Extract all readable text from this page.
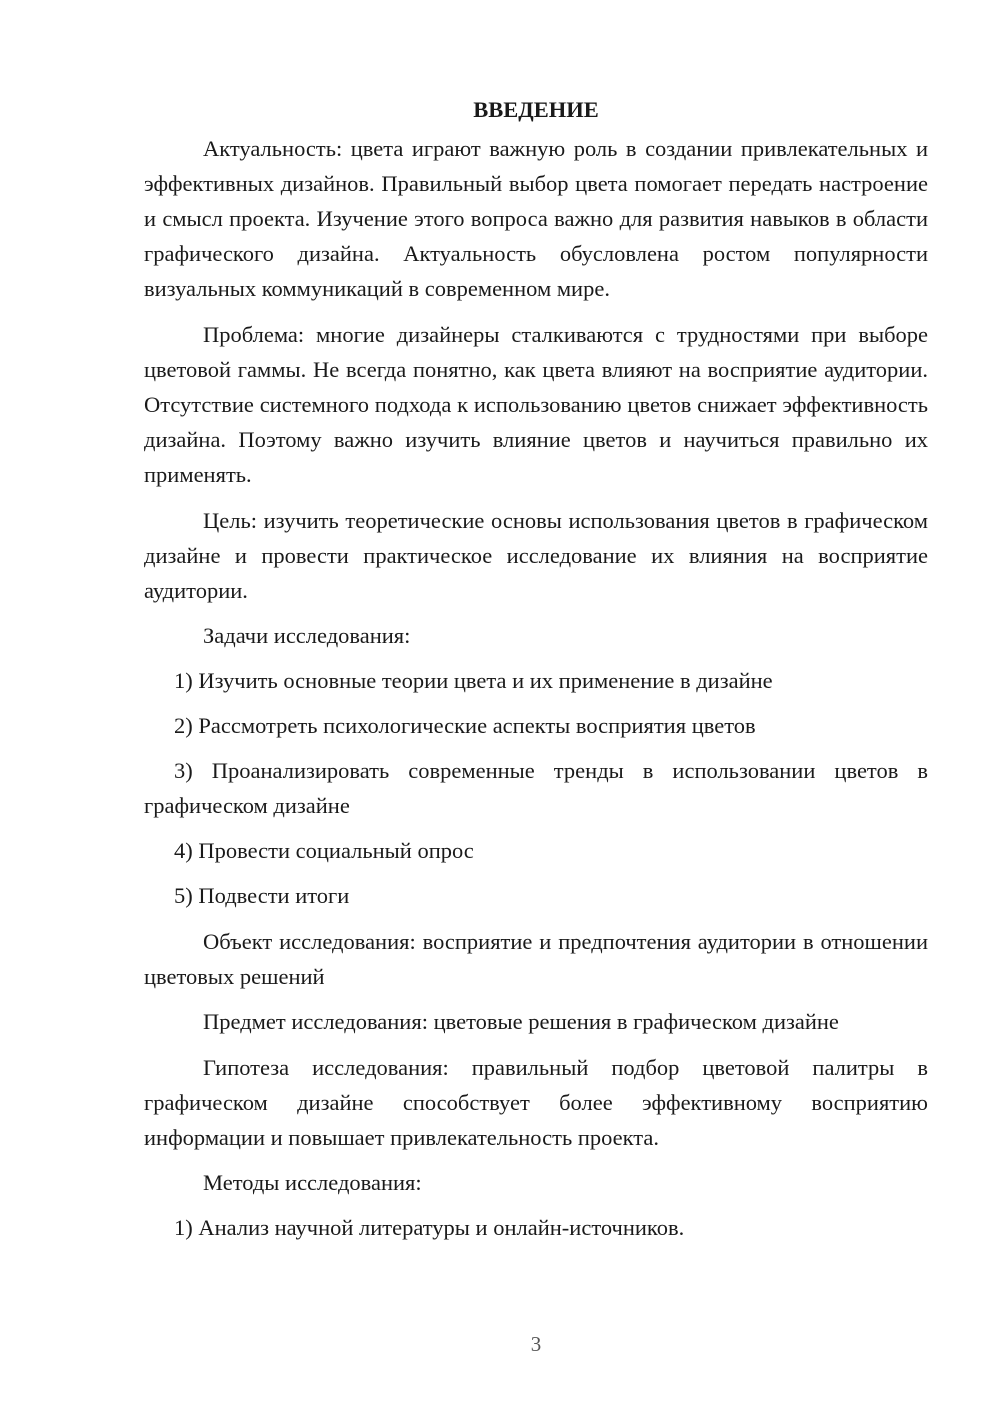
ВВЕДЕНИЕ

Актуальность: цвета играют важную роль в создании привлекательных и эффективных дизайнов. Правильный выбор цвета помогает передать настроение и смысл проекта. Изучение этого вопроса важно для развития навыков в области графического дизайна. Актуальность обусловлена ростом популярности визуальных коммуникаций в современном мире.

Проблема: многие дизайнеры сталкиваются с трудностями при выборе цветовой гаммы. Не всегда понятно, как цвета влияют на восприятие аудитории. Отсутствие системного подхода к использованию цветов снижает эффективность дизайна. Поэтому важно изучить влияние цветов и научиться правильно их применять.

Цель: изучить теоретические основы использования цветов в графическом дизайне и провести практическое исследование их влияния на восприятие аудитории.

Задачи исследования:

1) Изучить основные теории цвета и их применение в дизайне

2) Рассмотреть психологические аспекты восприятия цветов

3) Проанализировать современные тренды в использовании цветов в графическом дизайне

4) Провести социальный опрос

5) Подвести итоги

Объект исследования: восприятие и предпочтения аудитории в отношении цветовых решений

Предмет исследования: цветовые решения в графическом дизайне

Гипотеза исследования: правильный подбор цветовой палитры в графическом дизайне способствует более эффективному восприятию информации и повышает привлекательность проекта.

Методы исследования:

1) Анализ научной литературы и онлайн-источников.

3
